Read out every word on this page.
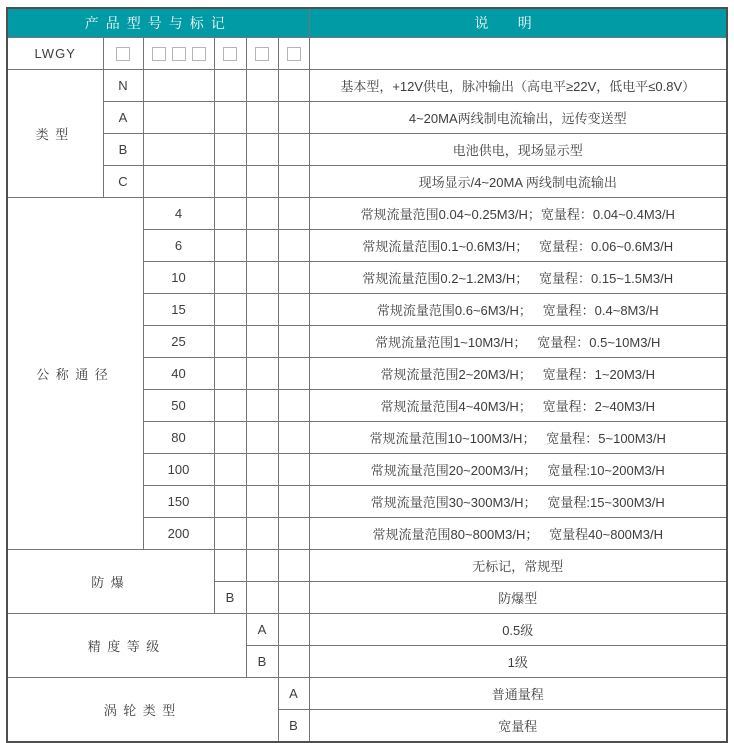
产品型号与标记						说明
LWGY						
类型	N					基本型，+12V供电，脉冲输出（高电平≥22V，低电平≤0.8V）
	A					4~20MA两线制电流输出，远传变送型
	B					电池供电，现场显示型
	C					现场显示/4~20MA 两线制电流输出
公称通径		4				常规流量范围0.04~0.25M3/H；宽量程：0.04~0.4M3/H
		6				常规流量范围0.1~0.6M3/H；   宽量程：0.06~0.6M3/H
		10				常规流量范围0.2~1.2M3/H；   宽量程：0.15~1.5M3/H
		15				常规流量范围0.6~6M3/H；   宽量程：0.4~8M3/H
		25				常规流量范围1~10M3/H；   宽量程：0.5~10M3/H
		40				常规流量范围2~20M3/H；   宽量程：1~20M3/H
		50				常规流量范围4~40M3/H；   宽量程：2~40M3/H
		80				常规流量范围10~100M3/H；   宽量程：5~100M3/H
		100				常规流量范围20~200M3/H；   宽量程:10~200M3/H
		150				常规流量范围30~300M3/H；   宽量程:15~300M3/H
		200				常规流量范围80~800M3/H；   宽量程40~800M3/H
防爆						无标记，常规型
			B			防爆型
精度等级				A		0.5级
				B		1级
涡轮类型					A	普通量程
					B	宽量程
